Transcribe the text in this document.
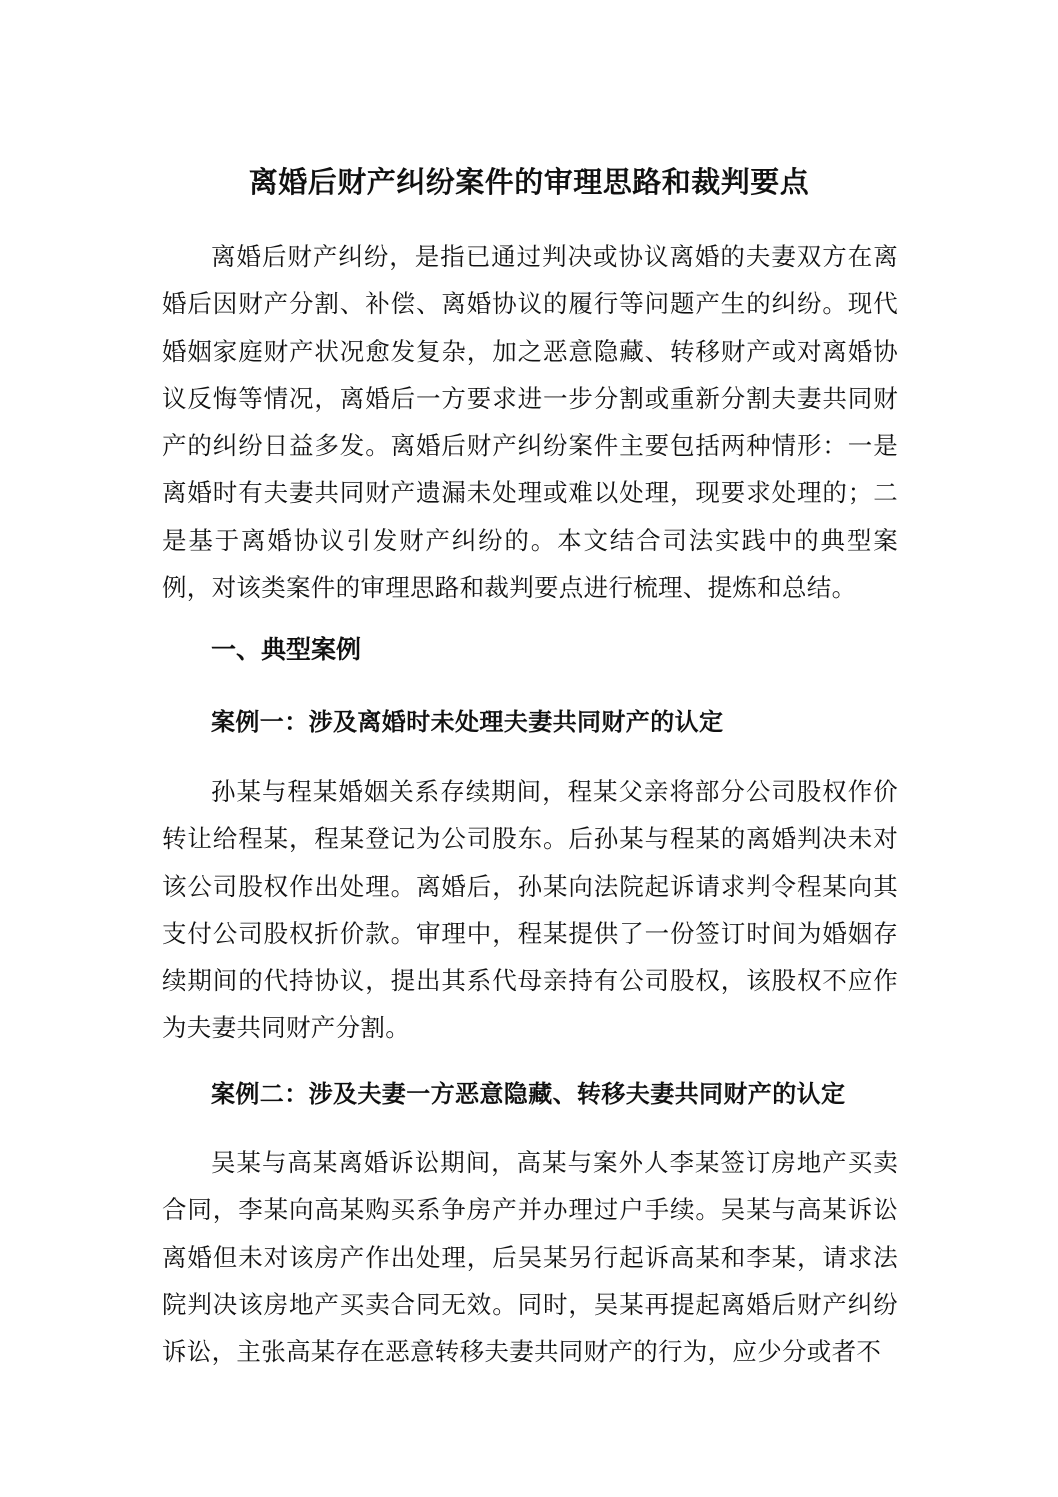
离婚后财产纠纷案件的审理思路和裁判要点

离婚后财产纠纷，是指已通过判决或协议离婚的夫妻双方在离婚后因财产分割、补偿、离婚协议的履行等问题产生的纠纷。现代婚姻家庭财产状况愈发复杂，加之恶意隐藏、转移财产或对离婚协议反悔等情况，离婚后一方要求进一步分割或重新分割夫妻共同财产的纠纷日益多发。离婚后财产纠纷案件主要包括两种情形：一是离婚时有夫妻共同财产遗漏未处理或难以处理，现要求处理的；二是基于离婚协议引发财产纠纷的。本文结合司法实践中的典型案例，对该类案件的审理思路和裁判要点进行梳理、提炼和总结。

一、典型案例
案例一：涉及离婚时未处理夫妻共同财产的认定

孙某与程某婚姻关系存续期间，程某父亲将部分公司股权作价转让给程某，程某登记为公司股东。后孙某与程某的离婚判决未对该公司股权作出处理。离婚后，孙某向法院起诉请求判令程某向其支付公司股权折价款。审理中，程某提供了一份签订时间为婚姻存续期间的代持协议，提出其系代母亲持有公司股权，该股权不应作为夫妻共同财产分割。

案例二：涉及夫妻一方恶意隐藏、转移夫妻共同财产的认定

吴某与高某离婚诉讼期间，高某与案外人李某签订房地产买卖合同，李某向高某购买系争房产并办理过户手续。吴某与高某诉讼离婚但未对该房产作出处理，后吴某另行起诉高某和李某，请求法院判决该房地产买卖合同无效。同时，吴某再提起离婚后财产纠纷诉讼，主张高某存在恶意转移夫妻共同财产的行为，应少分或者不
